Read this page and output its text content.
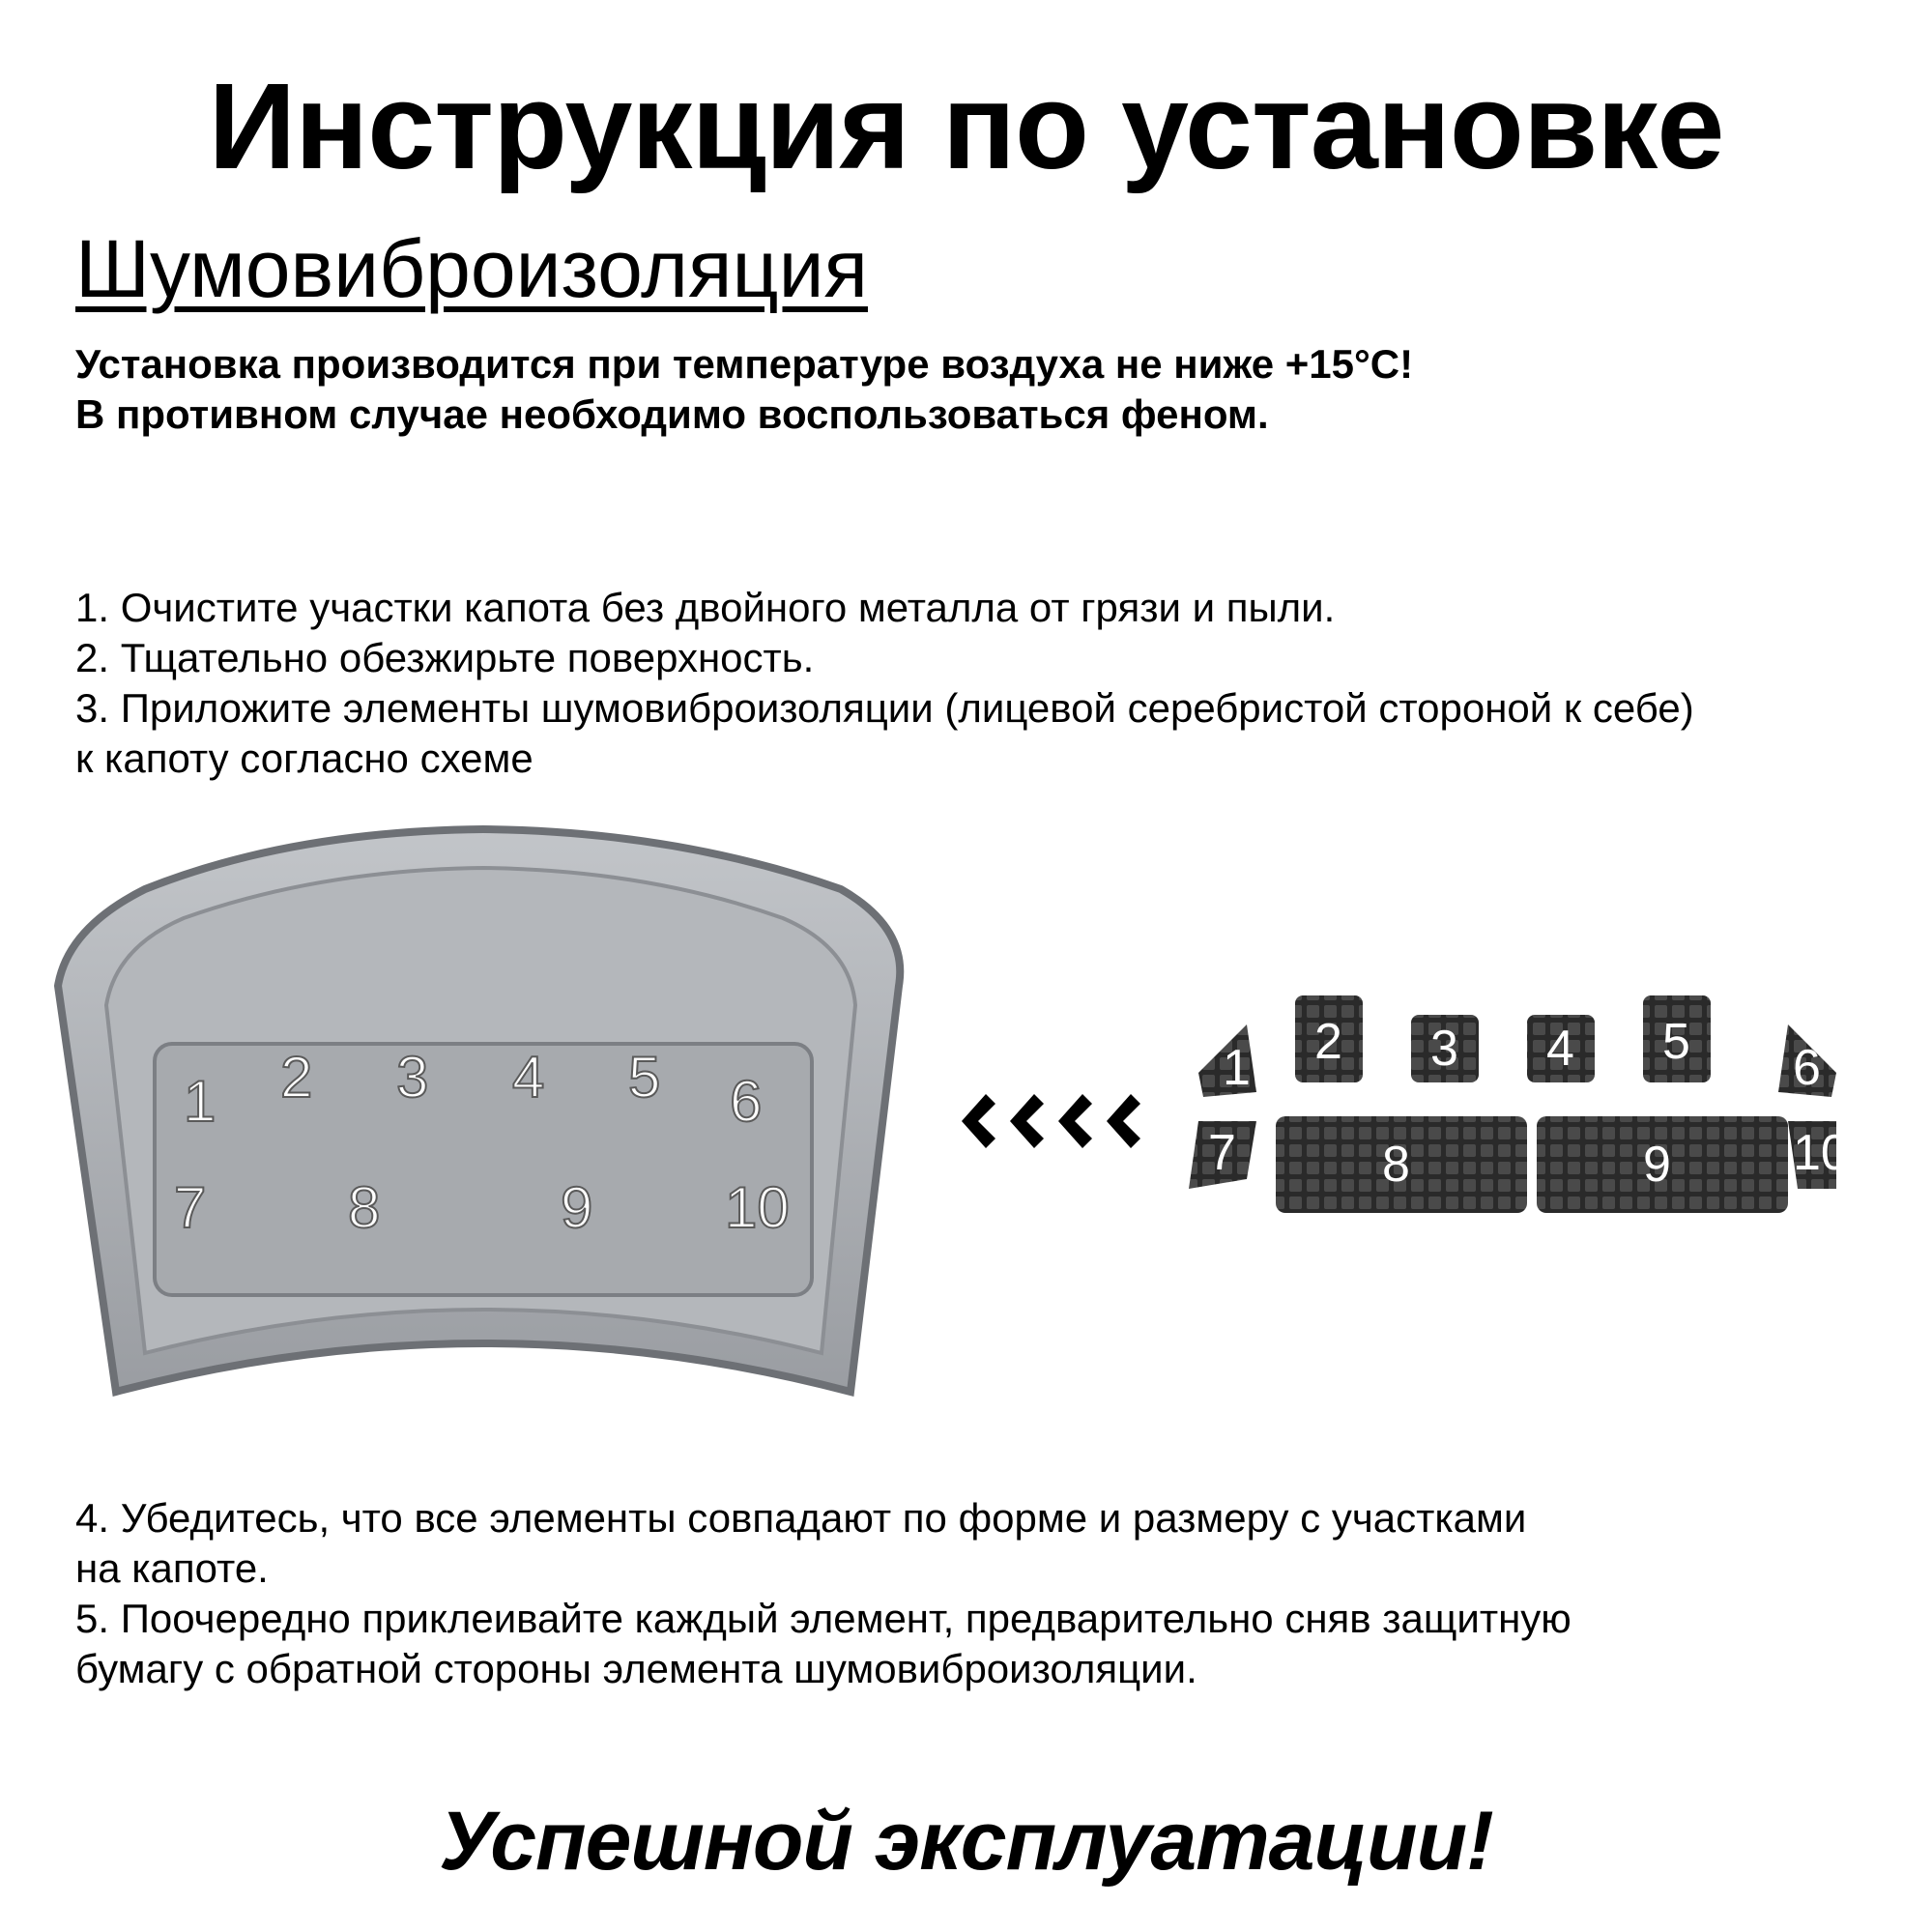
Инструкция по установке
Шумовиброизоляция
Установка производится при температуре воздуха не ниже +15°С!
В противном случае необходимо воспользоваться феном.
1. Очистите участки капота без двойного металла от грязи и пыли.
2. Тщательно обезжирьте поверхность.
3. Приложите элементы шумовиброизоляции (лицевой серебристой стороной к себе)
к капоту согласно схеме
1 2 3 4 5 6
7 8	9 10
1 2 3 4 5 6
7	8	9 10
4. Убедитесь, что все элементы совпадают по форме и размеру с участками
на капоте.
5. Поочередно приклеивайте каждый элемент, предварительно сняв защитную
бумагу с обратной стороны элемента шумовиброизоляции.
Успешной эксплуатации!
